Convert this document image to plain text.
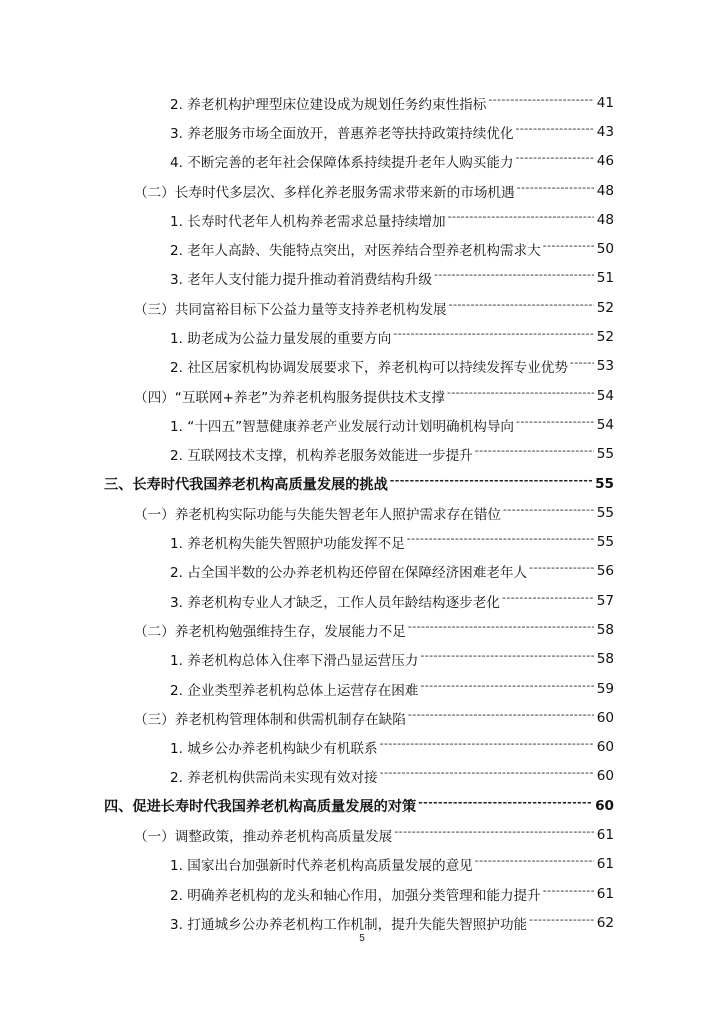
2. 养老机构护理型床位建设成为规划任务约束性指标 -----	41
3. 养老服务市场全面放开，普惠养老等扶持政策持续优化 -----	43
4. 不断完善的老年社会保障体系持续提升老年人购买能力 -----	46
（二）长寿时代多层次、多样化养老服务需求带来新的市场机遇 -----	48
1. 长寿时代老年人机构养老需求总量持续增加 -----	48
2. 老年人高龄、失能特点突出，对医养结合型养老机构需求大 -----	50
3. 老年人支付能力提升推动着消费结构升级 -----	51
（三）共同富裕目标下公益力量等支持养老机构发展 -----	52
1. 助老成为公益力量发展的重要方向 -----	52
2. 社区居家机构协调发展要求下，养老机构可以持续发挥专业优势 ----- 53
（四）“互联网+养老”为养老机构服务提供技术支撑 -----	54
1. “十四五”智慧健康养老产业发展行动计划明确机构导向 -----	54
2. 互联网技术支撑，机构养老服务效能进一步提升 -----	55
三、长寿时代我国养老机构高质量发展的挑战 -----	55
（一）养老机构实际功能与失能失智老年人照护需求存在错位 -----	55
1. 养老机构失能失智照护功能发挥不足 -----	55
2. 占全国半数的公办养老机构还停留在保障经济困难老年人 -----	56
3. 养老机构专业人才缺乏，工作人员年龄结构逐步老化 -----	57
（二）养老机构勉强维持生存，发展能力不足 -----	58
1. 养老机构总体入住率下滑凸显运营压力 -----	58
2. 企业类型养老机构总体上运营存在困难 -----	59
（三）养老机构管理体制和供需机制存在缺陷 -----	60
1. 城乡公办养老机构缺少有机联系 -----	60
2. 养老机构供需尚未实现有效对接 -----	60
四、促进长寿时代我国养老机构高质量发展的对策 -----	60
（一）调整政策，推动养老机构高质量发展 -----	61
1. 国家出台加强新时代养老机构高质量发展的意见 -----	61
2. 明确养老机构的龙头和轴心作用，加强分类管理和能力提升 -----	61
3. 打通城乡公办养老机构工作机制，提升失能失智照护功能 -----	62
5
